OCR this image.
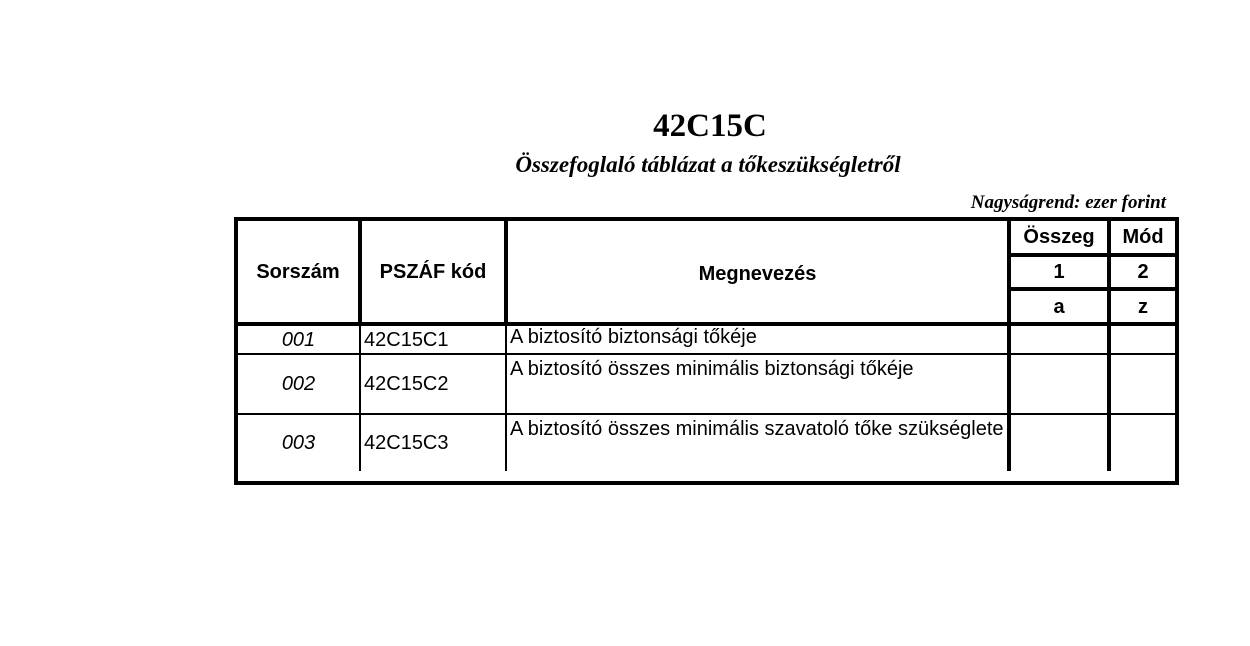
42C15C
Összefoglaló táblázat a tőkeszükségletről
Nagyságrend: ezer forint
Sorszám	PSZÁF kód	Megnevezés	Összeg	Mód
			1	2
			a	z
001	42C15C1	A biztosító biztonsági tőkéje		
002	42C15C2	A biztosító összes minimális biztonsági tőkéje		
003	42C15C3	A biztosító összes minimális szavatoló tőke szükséglete		
